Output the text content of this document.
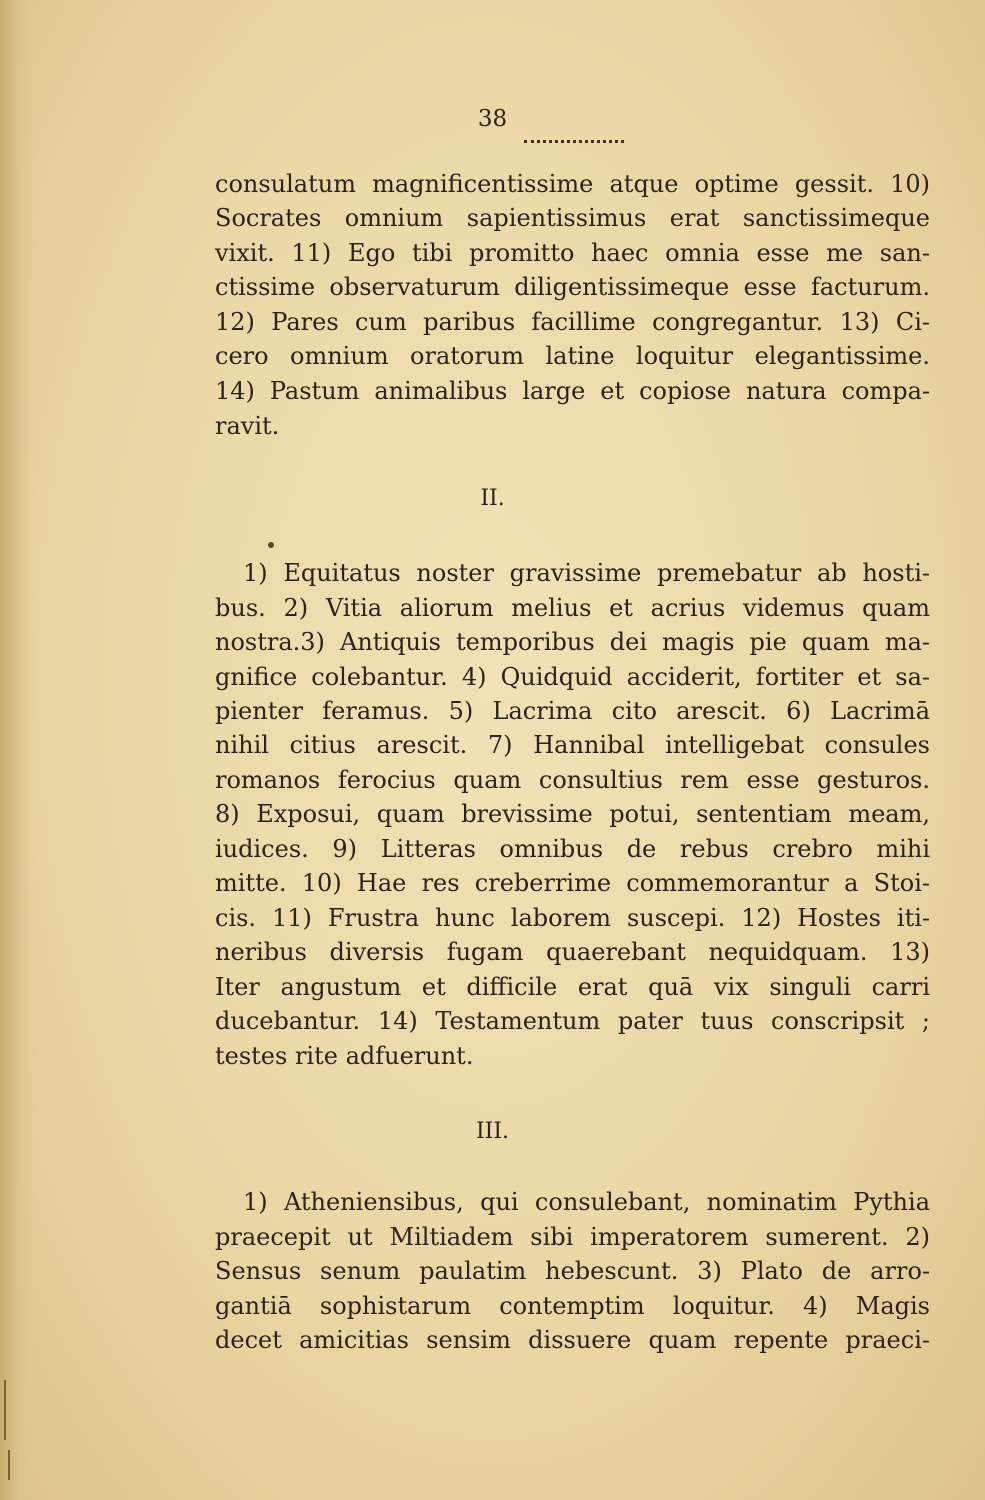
38
consulatum magnificentissime atque optime gessit. 10)
Socrates omnium sapientissimus erat sanctissimeque
vixit. 11) Ego tibi promitto haec omnia esse me san-
ctissime observaturum diligentissimeque esse facturum.
12) Pares cum paribus facillime congregantur. 13) Ci-
cero omnium oratorum latine loquitur elegantissime.
14) Pastum animalibus large et copiose natura compa-
ravit.
II.
1) Equitatus noster gravissime premebatur ab hosti-
bus. 2) Vitia aliorum melius et acrius videmus quam
nostra.3) Antiquis temporibus dei magis pie quam ma-
gnifice colebantur. 4) Quidquid acciderit, fortiter et sa-
pienter feramus. 5) Lacrima cito arescit. 6) Lacrimā
nihil citius arescit. 7) Hannibal intelligebat consules
romanos ferocius quam consultius rem esse gesturos.
8) Exposui, quam brevissime potui, sententiam meam,
iudices. 9) Litteras omnibus de rebus crebro mihi
mitte. 10) Hae res creberrime commemorantur a Stoi-
cis. 11) Frustra hunc laborem suscepi. 12) Hostes iti-
neribus diversis fugam quaerebant nequidquam. 13)
Iter angustum et difficile erat quā vix singuli carri
ducebantur. 14) Testamentum pater tuus conscripsit ;
testes rite adfuerunt.
III.
1) Atheniensibus, qui consulebant, nominatim Pythia
praecepit ut Miltiadem sibi imperatorem sumerent. 2)
Sensus senum paulatim hebescunt. 3) Plato de arro-
gantiā sophistarum contemptim loquitur. 4) Magis
decet amicitias sensim dissuere quam repente praeci-
